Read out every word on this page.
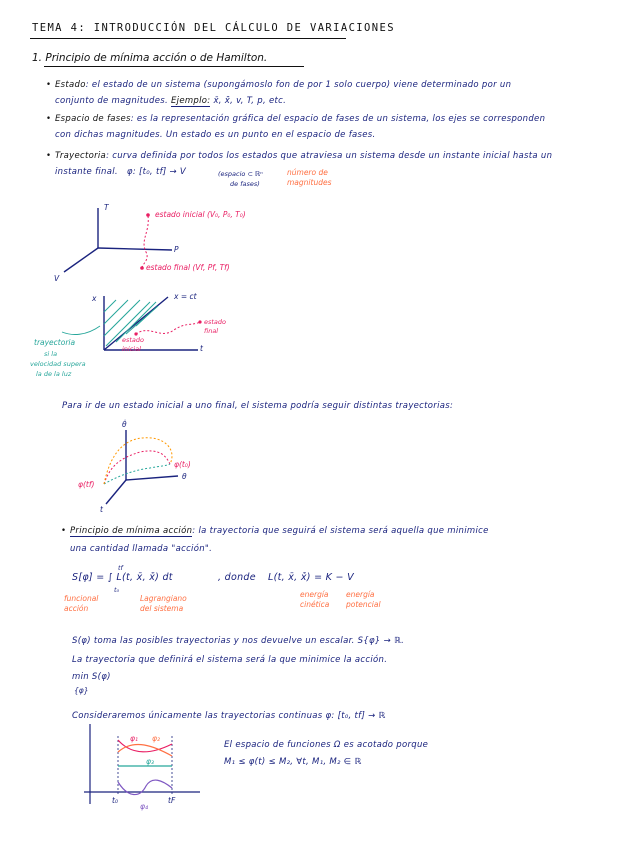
TEMA 4: INTRODUCCIÓN DEL CÁLCULO DE VARIACIONES
1. Principio de mínima acción o de Hamilton.
• Estado: el estado de un sistema (supongámoslo fon de por 1 solo cuerpo) viene determinado por un
conjunto de magnitudes. Ejemplo: x̄, x̄̇, v, T, p, etc.
• Espacio de fases: es la representación gráfica del espacio de fases de un sistema, los ejes se corresponden
con dichas magnitudes. Un estado es un punto en el espacio de fases.
• Trayectoria: curva definida por todos los estados que atraviesa un sistema desde un instante inicial hasta un
instante final. φ: [t₀, tf] → V	(espacio ⊂ ℝⁿ
de fases)
número de magnitudes
T
P
V
estado inicial (V₀, P₀, T₀)
estado final (Vf, Pf, Tf)
x
t
x = ct
estado inicial
estado final
trayectoria
si la
velocidad supera
la de la luz
Para ir de un estado inicial a uno final, el sistema podría seguir distintas trayectorias:
θ̇
θ
t
φ(t₀)
φ(tf)
• Principio de mínima acción: la trayectoria que seguirá el sistema será aquella que minimice
una cantidad llamada "acción".
S[φ] = ∫ L(t, x̄, x̄̇) dt
tf
t₀
, donde L(t, x̄, x̄̇) = K − V
funcional acción
Lagrangiano del sistema
energía cinética
energía potencial
S(φ) toma las posibles trayectorias y nos devuelve un escalar. S{φ} → ℝ.
La trayectoria que definirá el sistema será la que minimice la acción.
min S(φ)
{φ}
Consideraremos únicamente las trayectorias continuas φ: [t₀, tf] → ℝ
φ₁ φ₂
φ₃
φ₄
t₀	tF
El espacio de funciones Ω es acotado porque
M₁ ≤ φ(t) ≤ M₂, ∀t, M₁, M₂ ∈ ℝ
